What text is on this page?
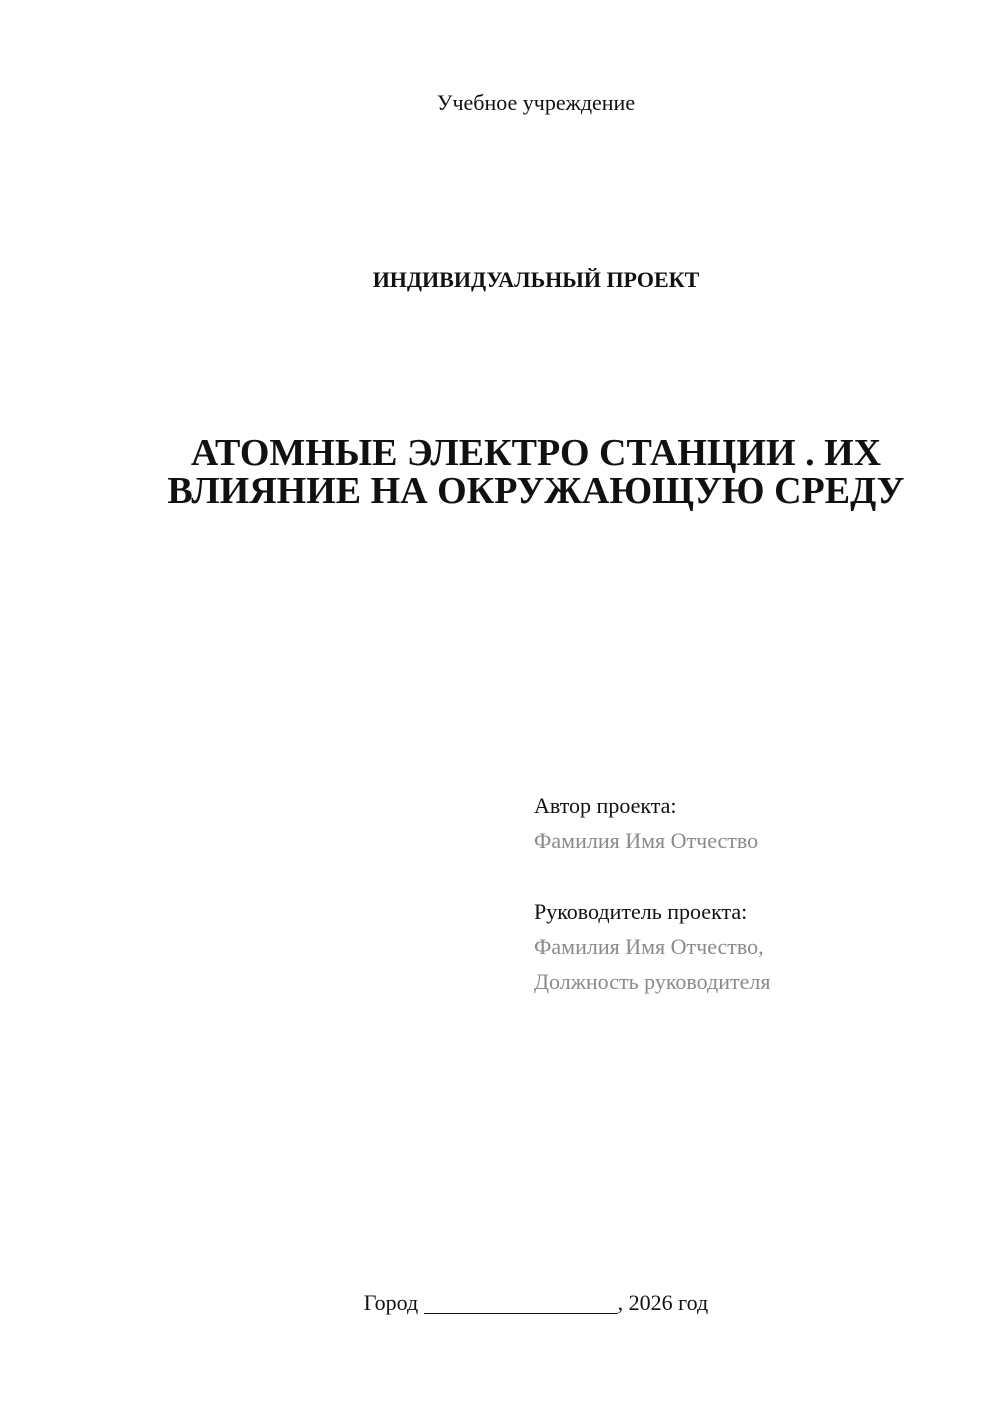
Учебное учреждение
ИНДИВИДУАЛЬНЫЙ ПРОЕКТ
АТОМНЫЕ ЭЛЕКТРО СТАНЦИИ . ИХ
ВЛИЯНИЕ НА ОКРУЖАЮЩУЮ СРЕДУ
Автор проекта:
Фамилия Имя Отчество
Руководитель проекта:
Фамилия Имя Отчество,
Должность руководителя
Город	, 2026 год
